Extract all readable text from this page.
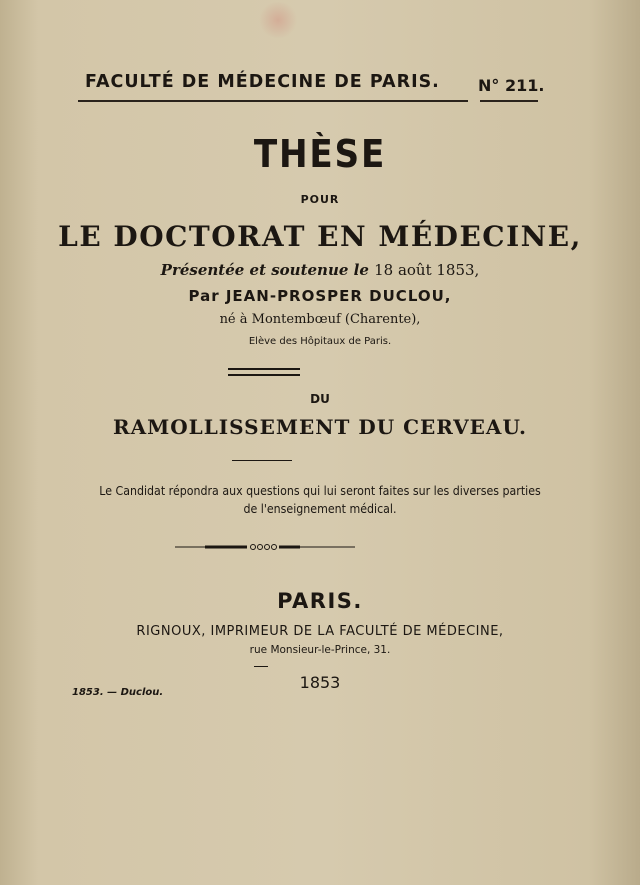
FACULTÉ DE MÉDECINE DE PARIS. N° 211.
THÈSE
POUR
LE DOCTORAT EN MÉDECINE,
Présentée et soutenue le 18 août 1853,
Par JEAN-PROSPER DUCLOU,
né à Montembœuf (Charente),
Elève des Hôpitaux de Paris.
DU
RAMOLLISSEMENT DU CERVEAU.
Le Candidat répondra aux questions qui lui seront faites sur les diverses parties
de l'enseignement médical.
PARIS.
RIGNOUX, IMPRIMEUR DE LA FACULTÉ DE MÉDECINE,
rue Monsieur-le-Prince, 31.
1853
1853. — Duclou.
